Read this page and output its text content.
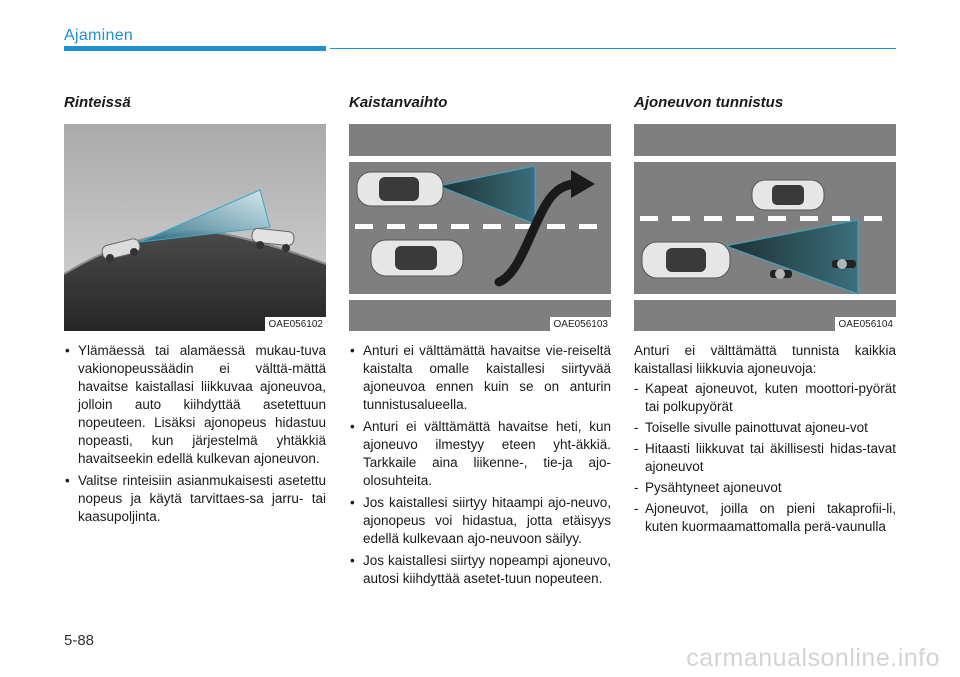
Ajaminen
Rinteissä
OAE056102
• Ylämäessä tai alamäessä mukau-tuva vakionopeussäädin ei välttä-mättä havaitse kaistallasi liikkuvaa ajoneuvoa, jolloin auto kiihdyttää asetettuun nopeuteen. Lisäksi ajonopeus hidastuu nopeasti, kun järjestelmä yhtäkkiä havaitseekin edellä kulkevan ajoneuvon.
• Valitse rinteisiin asianmukaisesti asetettu nopeus ja käytä tarvittaes-sa jarru- tai kaasupoljinta.
Kaistanvaihto
OAE056103
• Anturi ei välttämättä havaitse vie-reiseltä kaistalta omalle kaistallesi siirtyvää ajoneuvoa ennen kuin se on anturin tunnistusalueella.
• Anturi ei välttämättä havaitse heti, kun ajoneuvo ilmestyy eteen yht-äkkiä. Tarkkaile aina liikenne-, tie-ja ajo-olosuhteita.
• Jos kaistallesi siirtyy hitaampi ajo-neuvo, ajonopeus voi hidastua, jotta etäisyys edellä kulkevaan ajo-neuvoon säilyy.
• Jos kaistallesi siirtyy nopeampi ajoneuvo, autosi kiihdyttää asetet-tuun nopeuteen.
Ajoneuvon tunnistus
OAE056104
Anturi ei välttämättä tunnista kaikkia kaistallasi liikkuvia ajoneuvoja:
- Kapeat ajoneuvot, kuten moottori-pyörät tai polkupyörät
- Toiselle sivulle painottuvat ajoneu-vot
- Hitaasti liikkuvat tai äkillisesti hidas-tavat ajoneuvot
- Pysähtyneet ajoneuvot
- Ajoneuvot, joilla on pieni takaprofii-li, kuten kuormaamattomalla perä-vaunulla
5-88
carmanualsonline.info
